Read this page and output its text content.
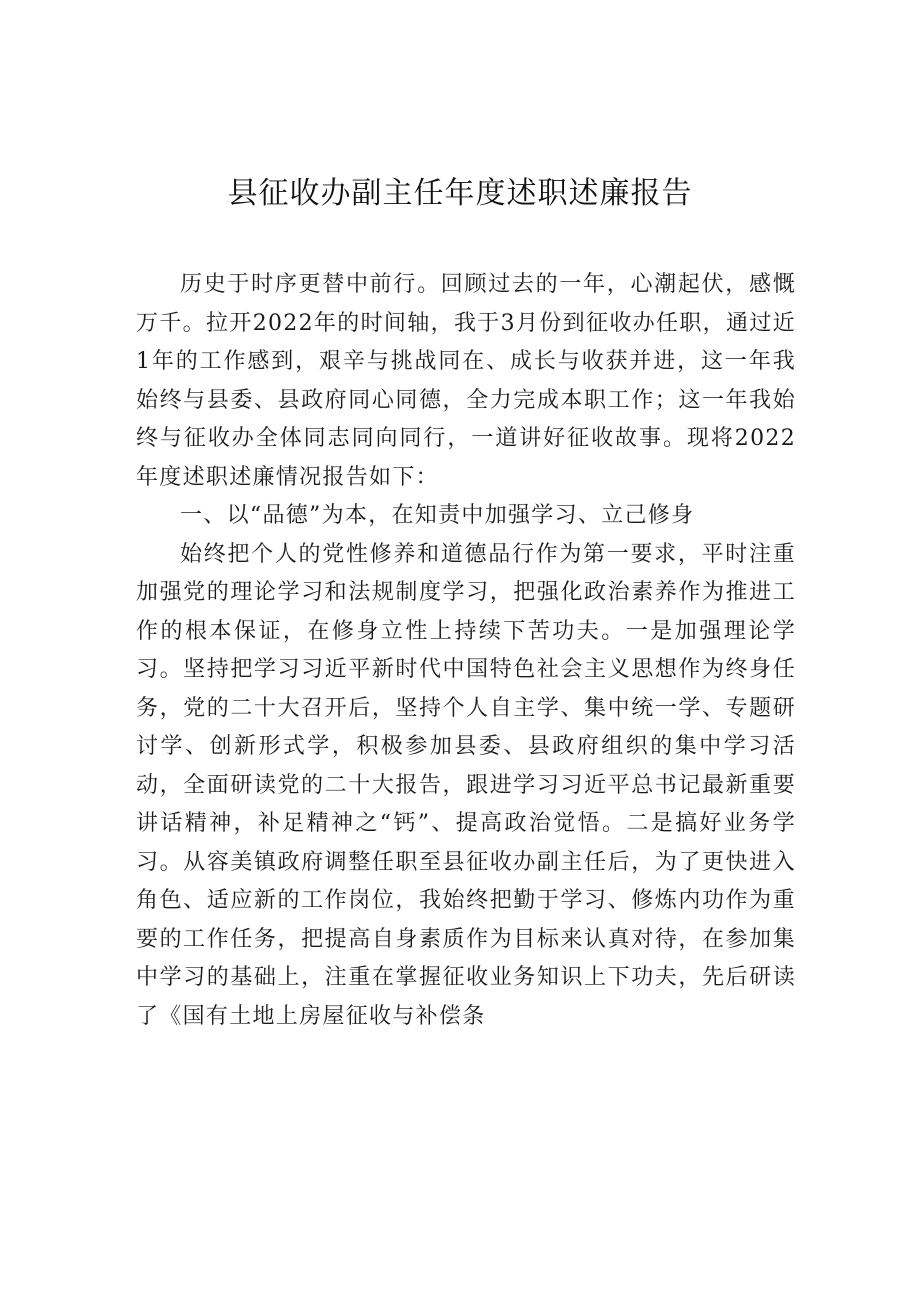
县征收办副主任年度述职述廉报告

历史于时序更替中前行。回顾过去的一年，心潮起伏，感慨万千。拉开2022年的时间轴，我于3月份到征收办任职，通过近1年的工作感到，艰辛与挑战同在、成长与收获并进，这一年我始终与县委、县政府同心同德，全力完成本职工作；这一年我始终与征收办全体同志同向同行，一道讲好征收故事。现将2022年度述职述廉情况报告如下：

一、以“品德”为本，在知责中加强学习、立己修身

始终把个人的党性修养和道德品行作为第一要求，平时注重加强党的理论学习和法规制度学习，把强化政治素养作为推进工作的根本保证，在修身立性上持续下苦功夫。一是加强理论学习。坚持把学习习近平新时代中国特色社会主义思想作为终身任务，党的二十大召开后，坚持个人自主学、集中统一学、专题研讨学、创新形式学，积极参加县委、县政府组织的集中学习活动，全面研读党的二十大报告，跟进学习习近平总书记最新重要讲话精神，补足精神之“钙”、提高政治觉悟。二是搞好业务学习。从容美镇政府调整任职至县征收办副主任后，为了更快进入角色、适应新的工作岗位，我始终把勤于学习、修炼内功作为重要的工作任务，把提高自身素质作为目标来认真对待，在参加集中学习的基础上，注重在掌握征收业务知识上下功夫，先后研读了《国有土地上房屋征收与补偿条
